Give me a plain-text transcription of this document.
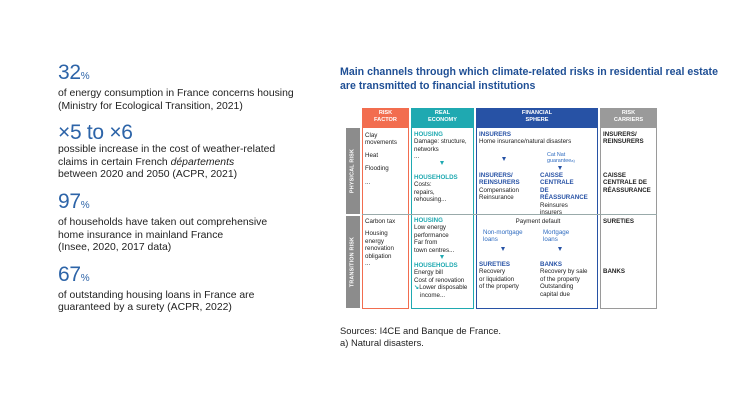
32%
of energy consumption in France concerns housing
(Ministry for Ecological Transition, 2021)
×5 to ×6
possible increase in the cost of weather-related
claims in certain French départements
between 2020 and 2050 (ACPR, 2021)
97%
of households have taken out comprehensive
home insurance in mainland France
(Insee, 2020, 2017 data)
67%
of outstanding housing loans in France are
guaranteed by a surety (ACPR, 2022)
Main channels through which climate-related risks in residential real estate are transmitted to financial institutions
RISK
FACTOR
REAL
ECONOMY
FINANCIAL
SPHERE
RISK
CARRIERS
PHYSICAL RISK
TRANSITION RISK
Clay
movements
Heat
Flooding
...
HOUSING
Damage: structure,
networks
...
HOUSEHOLDS
Costs:
repairs,
rehousing...
INSURERS
Home insurance/natural disasters
Cat Nat
guarantee$^{a)}$
INSURERS/
REINSURERS
Compensation
Reinsurance
CAISSE CENTRALE
DE RÉASSURANCE
Reinsures
insurers
INSURERS/
REINSURERS
CAISSE
CENTRALE DE
RÉASSURANCE
Carbon tax
Housing
energy
renovation
obligation
...
HOUSING
Low energy
performance
Far from
town centres...
HOUSEHOLDS
Energy bill
Cost of renovation
↘Lower disposable
income...
Payment default
Non-mortgage
loans
Mortgage
loans
SURETIES
Recovery
or liquidation
of the property
BANKS
Recovery by sale
of the property
Outstanding
capital due
SURETIES
BANKS
Sources: I4CE and Banque de France.
a) Natural disasters.
